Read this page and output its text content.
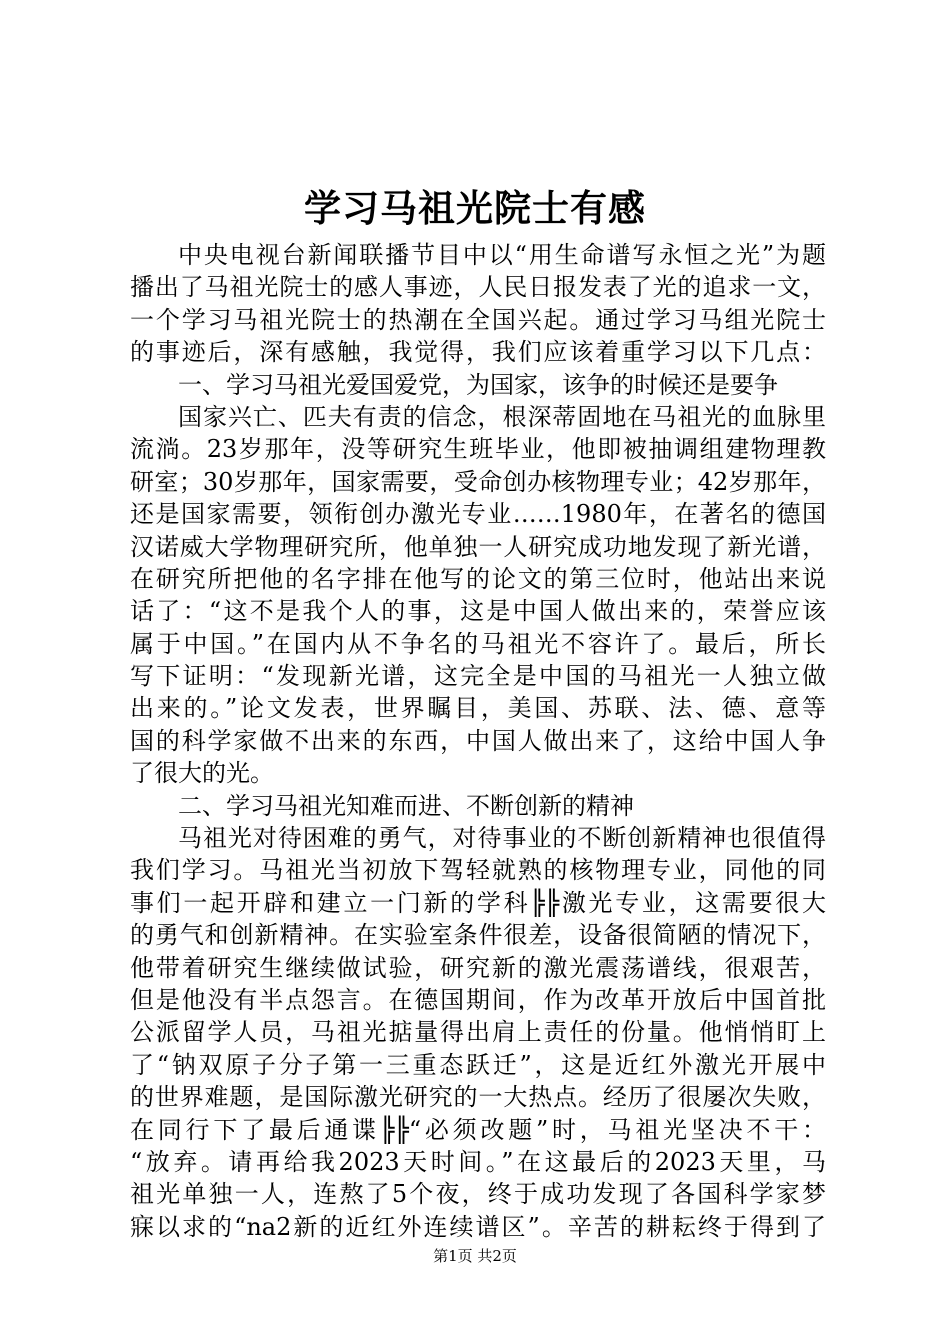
学习马祖光院士有感
中央电视台新闻联播节目中以“用生命谱写永恒之光”为题
播出了马祖光院士的感人事迹，人民日报发表了光的追求一文，
一个学习马祖光院士的热潮在全国兴起。通过学习马组光院士
的事迹后，深有感触，我觉得，我们应该着重学习以下几点：
一、学习马祖光爱国爱党，为国家，该争的时候还是要争
国家兴亡、匹夫有责的信念，根深蒂固地在马祖光的血脉里
流淌。23岁那年，没等研究生班毕业，他即被抽调组建物理教
研室；30岁那年，国家需要，受命创办核物理专业；42岁那年，
还是国家需要，领衔创办激光专业……1980年，在著名的德国
汉诺威大学物理研究所，他单独一人研究成功地发现了新光谱，
在研究所把他的名字排在他写的论文的第三位时，他站出来说
话了：“这不是我个人的事，这是中国人做出来的，荣誉应该
属于中国。”在国内从不争名的马祖光不容许了。最后，所长
写下证明：“发现新光谱，这完全是中国的马祖光一人独立做
出来的。”论文发表，世界瞩目，美国、苏联、法、德、意等
国的科学家做不出来的东西，中国人做出来了，这给中国人争
了很大的光。
二、学习马祖光知难而进、不断创新的精神
马祖光对待困难的勇气，对待事业的不断创新精神也很值得
我们学习。马祖光当初放下驾轻就熟的核物理专业，同他的同
事们一起开辟和建立一门新的学科╠╠激光专业，这需要很大
的勇气和创新精神。在实验室条件很差，设备很简陋的情况下，
他带着研究生继续做试验，研究新的激光震荡谱线，很艰苦，
但是他没有半点怨言。在德国期间，作为改革开放后中国首批
公派留学人员，马祖光掂量得出肩上责任的份量。他悄悄盯上
了“钠双原子分子第一三重态跃迁”，这是近红外激光开展中
的世界难题，是国际激光研究的一大热点。经历了很屡次失败，
在同行下了最后通谍╠╠“必须改题”时，马祖光坚决不干：
“放弃。请再给我2023天时间。”在这最后的2023天里，马
祖光单独一人，连熬了5个夜，终于成功发现了各国科学家梦
寐以求的“na2新的近红外连续谱区”。辛苦的耕耘终于得到了
第1页 共2页
